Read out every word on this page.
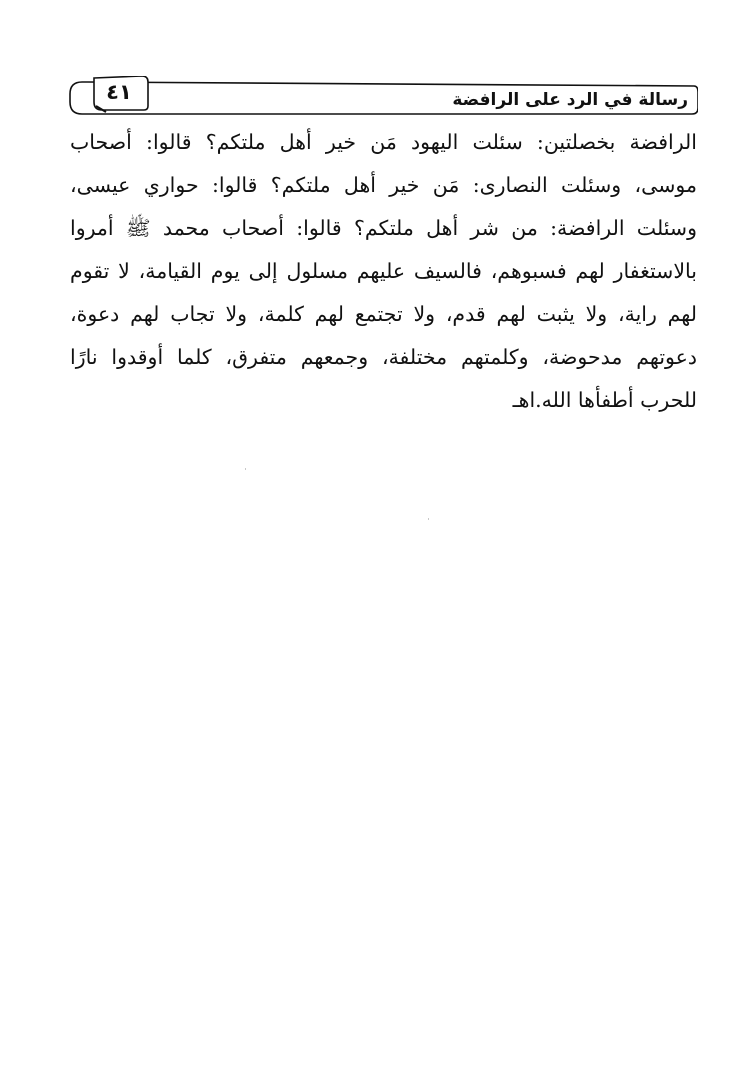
٤١	رسالة في الرد على الرافضة
الرافضة بخصلتين: سئلت اليهود مَن خير أهل ملتكم؟ قالوا: أصحاب
موسى، وسئلت النصارى: مَن خير أهل ملتكم؟ قالوا: حواري عيسى،
وسئلت الرافضة: من شر أهل ملتكم؟ قالوا: أصحاب محمد ﷺ أمروا
بالاستغفار لهم فسبوهم، فالسيف عليهم مسلول إلى يوم القيامة، لا تقوم
لهم راية، ولا يثبت لهم قدم، ولا تجتمع لهم كلمة، ولا تجاب لهم دعوة،
دعوتهم مدحوضة، وكلمتهم مختلفة، وجمعهم متفرق، كلما أوقدوا نارًا
للحرب أطفأها الله.اهـ
